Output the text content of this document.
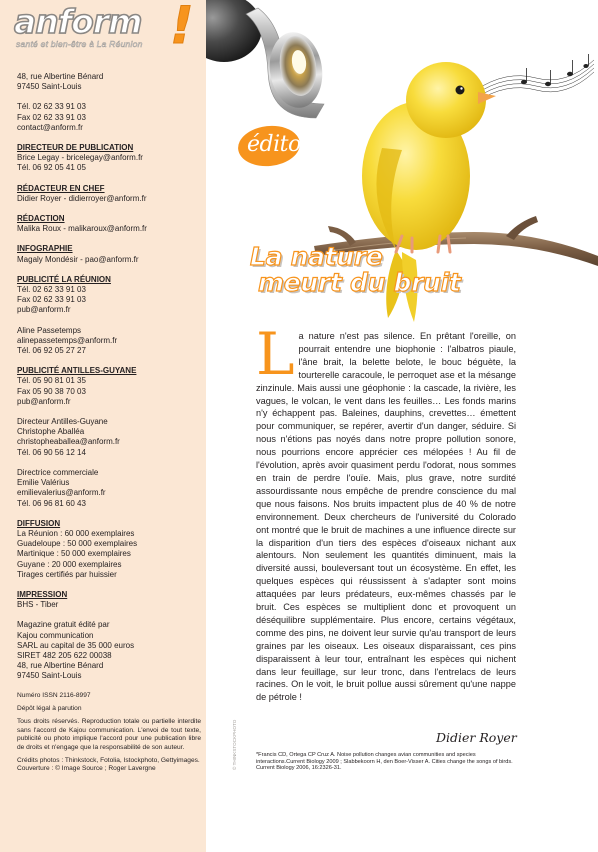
anform !
santé et bien-être à La Réunion
48, rue Albertine Bénard
97450 Saint-Louis
Tél. 02 62 33 91 03
Fax 02 62 33 91 03
contact@anform.fr
DIRECTEUR DE PUBLICATION
Brice Legay - bricelegay@anform.fr
Tél. 06 92 05 41 05
RÉDACTEUR EN CHEF
Didier Royer - didierroyer@anform.fr
RÉDACTION
Malika Roux - malikaroux@anform.fr
INFOGRAPHIE
Magaly Mondésir - pao@anform.fr
PUBLICITÉ LA RÉUNION
Tél. 02 62 33 91 03
Fax 02 62 33 91 03
pub@anform.fr
Aline Passetemps
alinepassetemps@anform.fr
Tél. 06 92 05 27 27
PUBLICITÉ ANTILLES-GUYANE
Tél. 05 90 81 01 35
Fax 05 90 38 70 03
pub@anform.fr
Directeur Antilles-Guyane
Christophe Aballéa
christopheaballea@anform.fr
Tél. 06 90 56 12 14
Directrice commerciale
Emilie Valérius
emilievalerius@anform.fr
Tél. 06 96 81 60 43
DIFFUSION
La Réunion : 60 000 exemplaires
Guadeloupe : 50 000 exemplaires
Martinique : 50 000 exemplaires
Guyane : 20 000 exemplaires
Tirages certifiés par huissier
IMPRESSION
BHS - Tiber
Magazine gratuit édité par
Kajou communication
SARL au capital de 35 000 euros
SIRET 482 205 622 00038
48, rue Albertine Bénard
97450 Saint-Louis
Numéro ISSN 2116-8997
Dépôt légal à parution
Tous droits réservés. Reproduction totale ou partielle interdite sans l'accord de Kajou communication. L'envoi de tout texte, publicité ou photo implique l'accord pour une publication libre de droits et n'engage que la responsabilité de son auteur.
Crédits photos : Thinkstock, Fotolia, Istockphoto, Gettyimages. Couverture : © Image Source ; Roger Lavergne
édito
La nature
meurt du bruit
L a nature n'est pas silence. En prêtant l'oreille, on pourrait entendre une biophonie : l'albatros piaule, l'âne brait, la belette belote, le bouc béguète, la tourterelle caracoule, le perroquet ase et la mésange zinzinule. Mais aussi une géophonie : la cascade, la rivière, les vagues, le volcan, le vent dans les feuilles… Les fonds marins n'y échappent pas. Baleines, dauphins, crevettes… émettent pour communiquer, se repérer, avertir d'un danger, séduire. Si nous n'étions pas noyés dans notre propre pollution sonore, nous pourrions encore apprécier ces mélopées ! Au fil de l'évolution, après avoir quasiment perdu l'odorat, nous sommes en train de perdre l'ouïe. Mais, plus grave, notre surdité assourdissante nous empêche de prendre conscience du mal que nous faisons. Nos bruits impactent plus de 40 % de notre environnement. Deux chercheurs de l'université du Colorado ont montré que le bruit de machines a une influence directe sur la disparition d'un tiers des espèces d'oiseaux nichant aux alentours. Non seulement les quantités diminuent, mais la diversité aussi, bouleversant tout un écosystème. En effet, les quelques espèces qui réussissent à s'adapter sont moins attaquées par leurs prédateurs, eux-mêmes chassés par le bruit. Ces espèces se multiplient donc et provoquent un déséquilibre supplémentaire. Plus encore, certains végétaux, comme des pins, ne doivent leur survie qu'au transport de leurs graines par les oiseaux. Les oiseaux disparaissant, ces pins disparaissent à leur tour, entraînant les espèces qui nichent dans leur feuillage, sur leur tronc, dans l'entrelacs de leurs racines. On le voit, le bruit pollue aussi sûrement qu'une nappe de pétrole !
Didier Royer
*Francis CD, Ortega CP Cruz A. Noise pollution changes avian communities and species interactions.Current Biology 2009 ; Slabbekoorn H, den Boer-Visser A. Cities change the songs of birds. Current Biology 2006, 16:2326-31.
© THINKSTOCKPHOTO
